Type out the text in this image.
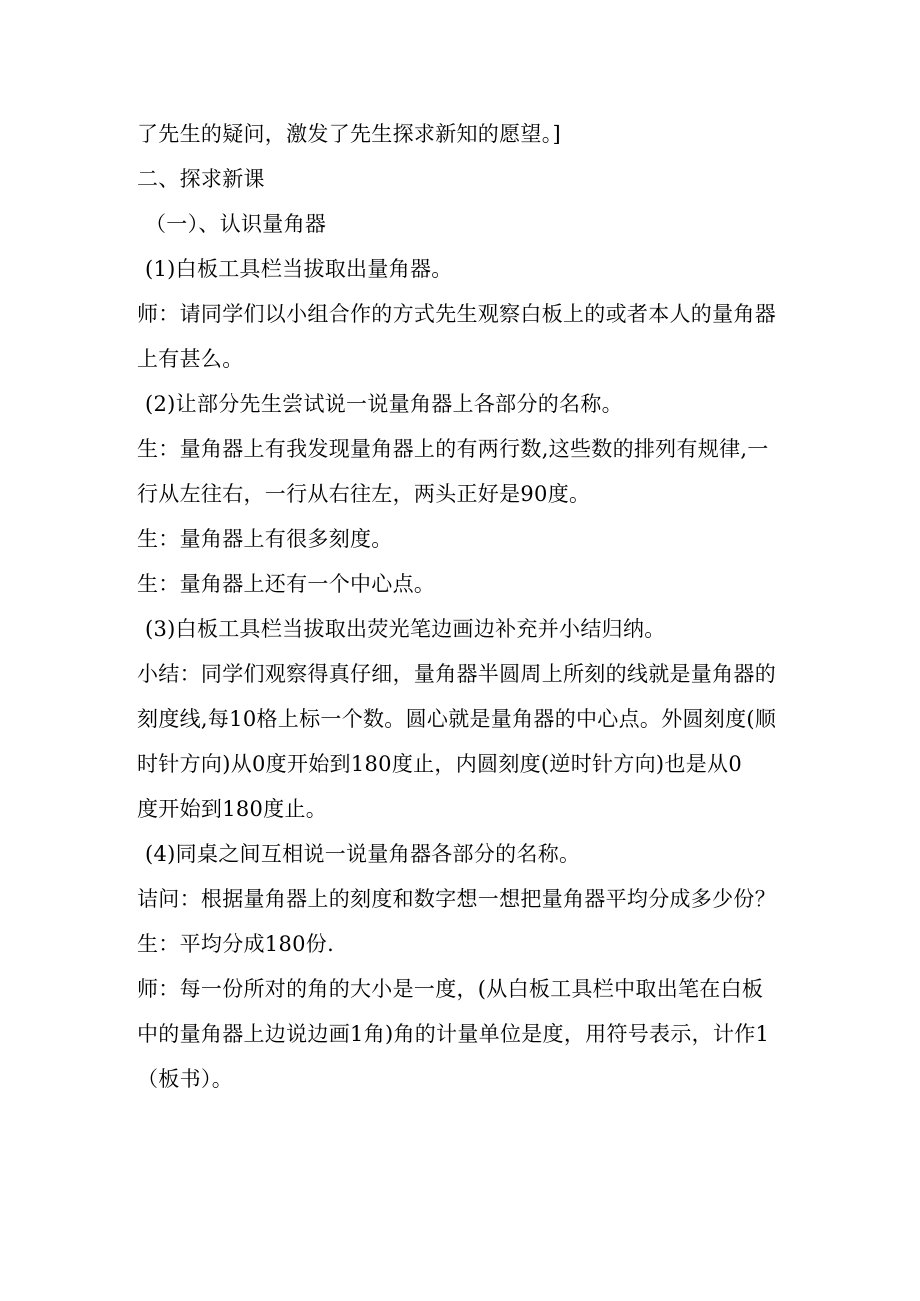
了先生的疑问，激发了先生探求新知的愿望。]
二、探求新课
（一）、认识量角器
(1)白板工具栏当拔取出量角器。
师：请同学们以小组合作的方式先生观察白板上的或者本人的量角器
上有甚么。
(2)让部分先生尝试说一说量角器上各部分的名称。
生：量角器上有我发现量角器上的有两行数,这些数的排列有规律,一
行从左往右，一行从右往左，两头正好是90度。
生：量角器上有很多刻度。
生：量角器上还有一个中心点。
(3)白板工具栏当拔取出荧光笔边画边补充并小结归纳。
小结：同学们观察得真仔细，量角器半圆周上所刻的线就是量角器的
刻度线,每10格上标一个数。圆心就是量角器的中心点。外圆刻度(顺
时针方向)从0度开始到180度止，内圆刻度(逆时针方向)也是从0
度开始到180度止。
(4)同桌之间互相说一说量角器各部分的名称。
诘问：根据量角器上的刻度和数字想一想把量角器平均分成多少份？
生：平均分成180份.
师：每一份所对的角的大小是一度，(从白板工具栏中取出笔在白板
中的量角器上边说边画1角)角的计量单位是度，用符号表示，计作1
（板书）。
